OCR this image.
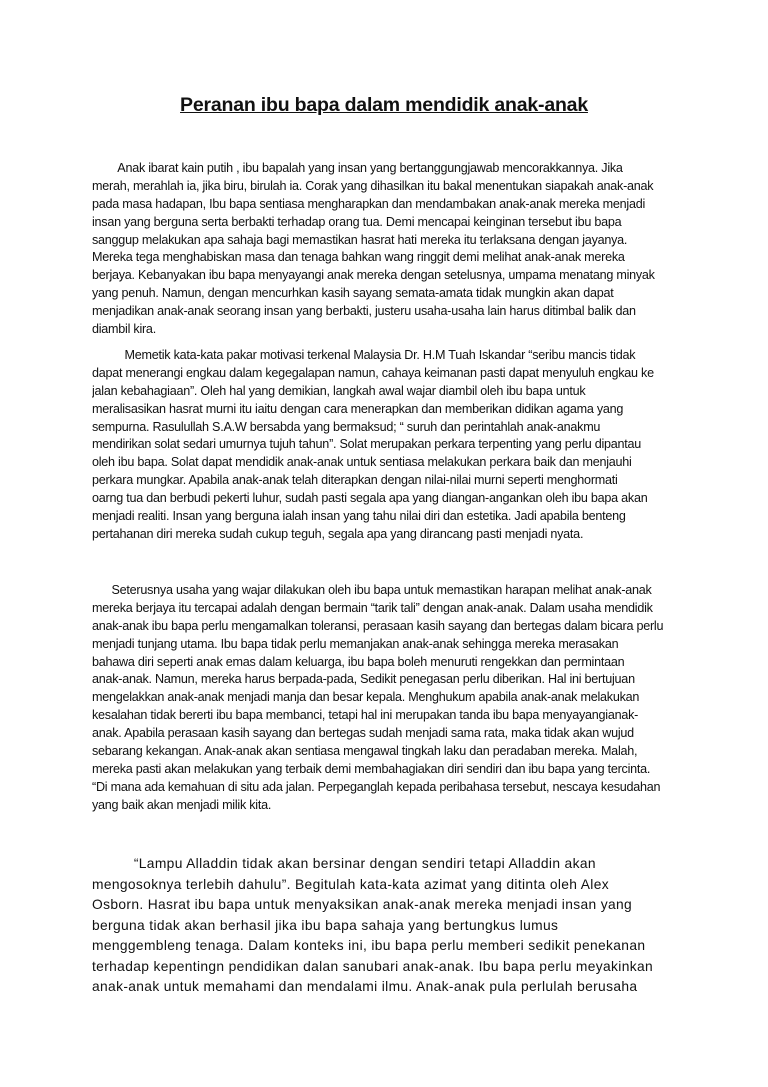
Peranan ibu bapa dalam mendidik anak-anak
Anak ibarat kain putih , ibu bapalah yang insan yang bertanggungjawab mencorakkannya. Jika
merah, merahlah ia, jika biru, birulah ia. Corak yang dihasilkan itu bakal menentukan siapakah anak-anak
pada masa hadapan, Ibu bapa sentiasa mengharapkan dan mendambakan anak-anak mereka menjadi
insan yang berguna serta berbakti terhadap orang tua. Demi mencapai keinginan tersebut ibu bapa
sanggup melakukan apa sahaja bagi memastikan hasrat hati mereka itu terlaksana dengan jayanya.
Mereka tega menghabiskan masa dan tenaga bahkan wang ringgit demi melihat anak-anak mereka
berjaya. Kebanyakan ibu bapa menyayangi anak mereka dengan setelusnya, umpama menatang minyak
yang penuh. Namun, dengan mencurhkan kasih sayang semata-amata tidak mungkin akan dapat
menjadikan anak-anak seorang insan yang berbakti, justeru usaha-usaha lain harus ditimbal balik dan
diambil kira.
Memetik kata-kata pakar motivasi terkenal Malaysia Dr. H.M Tuah Iskandar “seribu mancis tidak
dapat menerangi engkau dalam kegegalapan namun, cahaya keimanan pasti dapat menyuluh engkau ke
jalan kebahagiaan”. Oleh hal yang demikian, langkah awal wajar diambil oleh ibu bapa untuk
meralisasikan hasrat murni itu iaitu dengan cara menerapkan dan memberikan didikan agama yang
sempurna. Rasulullah S.A.W bersabda yang bermaksud; “ suruh dan perintahlah anak-anakmu
mendirikan solat sedari umurnya tujuh tahun”. Solat merupakan perkara terpenting yang perlu dipantau
oleh ibu bapa. Solat dapat mendidik anak-anak untuk sentiasa melakukan perkara baik dan menjauhi
perkara mungkar. Apabila anak-anak telah diterapkan dengan nilai-nilai murni seperti menghormati
oarng tua dan berbudi pekerti luhur, sudah pasti segala apa yang diangan-angankan oleh ibu bapa akan
menjadi realiti. Insan yang berguna ialah insan yang tahu nilai diri dan estetika. Jadi apabila benteng
pertahanan diri mereka sudah cukup teguh, segala apa yang dirancang pasti menjadi nyata.
Seterusnya usaha yang wajar dilakukan oleh ibu bapa untuk memastikan harapan melihat anak-anak
mereka berjaya itu tercapai adalah dengan bermain “tarik tali” dengan anak-anak. Dalam usaha mendidik
anak-anak ibu bapa perlu mengamalkan toleransi, perasaan kasih sayang dan bertegas dalam bicara perlu
menjadi tunjang utama. Ibu bapa tidak perlu memanjakan anak-anak sehingga mereka merasakan
bahawa diri seperti anak emas dalam keluarga, ibu bapa boleh menuruti rengekkan dan permintaan
anak-anak. Namun, mereka harus berpada-pada, Sedikit penegasan perlu diberikan. Hal ini bertujuan
mengelakkan anak-anak menjadi manja dan besar kepala. Menghukum apabila anak-anak melakukan
kesalahan tidak bererti ibu bapa membanci, tetapi hal ini merupakan tanda ibu bapa menyayangianak-
anak. Apabila perasaan kasih sayang dan bertegas sudah menjadi sama rata, maka tidak akan wujud
sebarang kekangan. Anak-anak akan sentiasa mengawal tingkah laku dan peradaban mereka. Malah,
mereka pasti akan melakukan yang terbaik demi membahagiakan diri sendiri dan ibu bapa yang tercinta.
“Di mana ada kemahuan di situ ada jalan. Perpeganglah kepada peribahasa tersebut, nescaya kesudahan
yang baik akan menjadi milik kita.
“Lampu Alladdin tidak akan bersinar dengan sendiri tetapi Alladdin akan
mengosoknya terlebih dahulu”. Begitulah kata-kata azimat yang ditinta oleh Alex
Osborn. Hasrat ibu bapa untuk menyaksikan anak-anak mereka menjadi insan yang
berguna tidak akan berhasil jika ibu bapa sahaja yang bertungkus lumus
menggembleng tenaga. Dalam konteks ini, ibu bapa perlu memberi sedikit penekanan
terhadap kepentingn pendidikan dalan sanubari anak-anak. Ibu bapa perlu meyakinkan
anak-anak untuk memahami dan mendalami ilmu. Anak-anak pula perlulah berusaha
